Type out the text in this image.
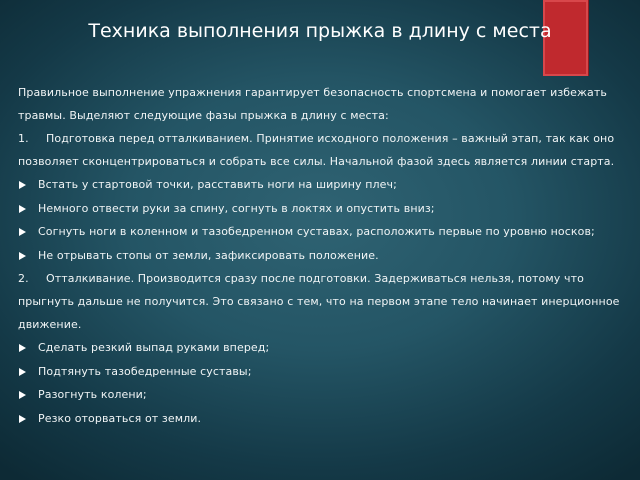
Техника выполнения прыжка в длину с места

Правильное выполнение упражнения гарантирует безопасность спортсмена и помогает избежать травмы. Выделяют следующие фазы прыжка в длину с места:

1. Подготовка перед отталкиванием. Принятие исходного положения – важный этап, так как оно позволяет сконцентрироваться и собрать все силы. Начальной фазой здесь является линии старта.

Встать у стартовой точки, расставить ноги на ширину плеч;
Немного отвести руки за спину, согнуть в локтях и опустить вниз;
Согнуть ноги в коленном и тазобедренном суставах, расположить первые по уровню носков;
Не отрывать стопы от земли, зафиксировать положение.

2. Отталкивание. Производится сразу после подготовки. Задерживаться нельзя, потому что прыгнуть дальше не получится. Это связано с тем, что на первом этапе тело начинает инерционное движение.

Сделать резкий выпад руками вперед;
Подтянуть тазобедренные суставы;
Разогнуть колени;
Резко оторваться от земли.
